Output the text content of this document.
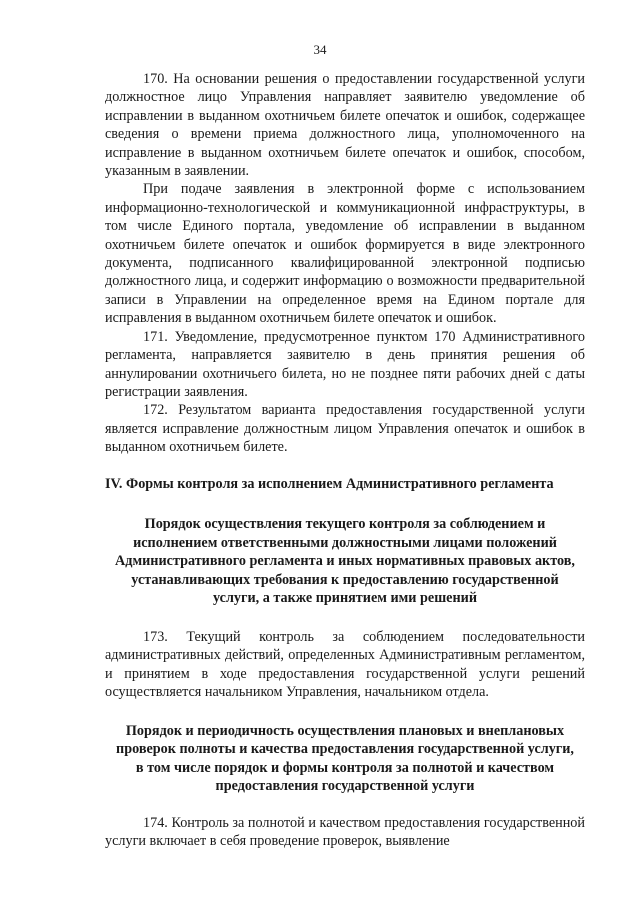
34

170. На основании решения о предоставлении государственной услуги должностное лицо Управления направляет заявителю уведомление об исправлении в выданном охотничьем билете опечаток и ошибок, содержащее сведения о времени приема должностного лица, уполномоченного на исправление в выданном охотничьем билете опечаток и ошибок, способом, указанным в заявлении.

При подаче заявления в электронной форме с использованием информационно-технологической и коммуникационной инфраструктуры, в том числе Единого портала, уведомление об исправлении в выданном охотничьем билете опечаток и ошибок формируется в виде электронного документа, подписанного квалифицированной электронной подписью должностного лица, и содержит информацию о возможности предварительной записи в Управлении на определенное время на Едином портале для исправления в выданном охотничьем билете опечаток и ошибок.

171. Уведомление, предусмотренное пунктом 170 Административного регламента, направляется заявителю в день принятия решения об аннулировании охотничьего билета, но не позднее пяти рабочих дней с даты регистрации заявления.

172. Результатом варианта предоставления государственной услуги является исправление должностным лицом Управления опечаток и ошибок в выданном охотничьем билете.

IV. Формы контроля за исполнением Административного регламента
Порядок осуществления текущего контроля за соблюдением и исполнением ответственными должностными лицами положений Административного регламента и иных нормативных правовых актов, устанавливающих требования к предоставлению государственной услуги, а также принятием ими решений

173. Текущий контроль за соблюдением последовательности административных действий, определенных Административным регламентом, и принятием в ходе предоставления государственной услуги решений осуществляется начальником Управления, начальником отдела.

Порядок и периодичность осуществления плановых и внеплановых проверок полноты и качества предоставления государственной услуги, в том числе порядок и формы контроля за полнотой и качеством предоставления государственной услуги

174. Контроль за полнотой и качеством предоставления государственной услуги включает в себя проведение проверок, выявление
